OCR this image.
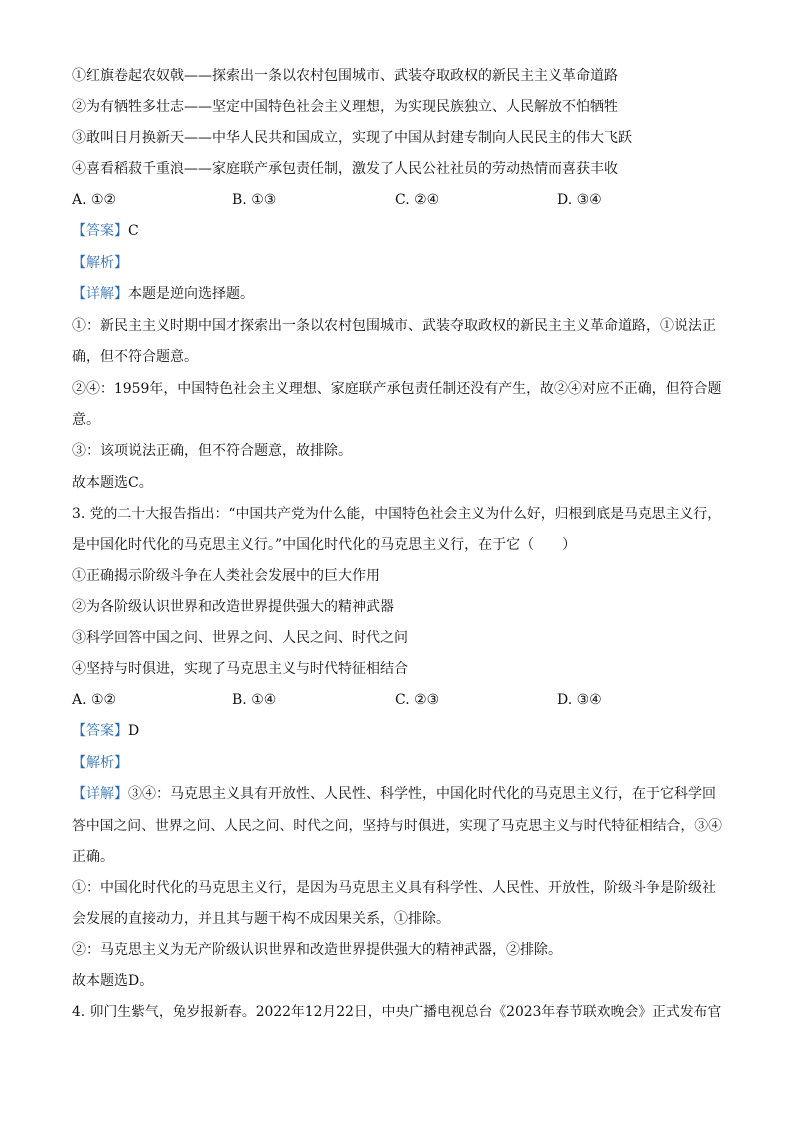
①红旗卷起农奴戟——探索出一条以农村包围城市、武装夺取政权的新民主主义革命道路
②为有牺牲多壮志——坚定中国特色社会主义理想，为实现民族独立、人民解放不怕牺牲
③敢叫日月换新天——中华人民共和国成立，实现了中国从封建专制向人民民主的伟大飞跃
④喜看稻菽千重浪——家庭联产承包责任制，激发了人民公社社员的劳动热情而喜获丰收
A. ①②	B. ①③	C. ②④	D. ③④
【答案】C
【解析】
【详解】本题是逆向选择题。
①：新民主主义时期中国才探索出一条以农村包围城市、武装夺取政权的新民主主义革命道路，①说法正
确，但不符合题意。
②④：1959年，中国特色社会主义理想、家庭联产承包责任制还没有产生，故②④对应不正确，但符合题
意。
③：该项说法正确，但不符合题意，故排除。
故本题选C。
3. 党的二十大报告指出：“中国共产党为什么能，中国特色社会主义为什么好，归根到底是马克思主义行，
是中国化时代化的马克思主义行。”中国化时代化的马克思主义行，在于它（　　）
①正确揭示阶级斗争在人类社会发展中的巨大作用
②为各阶级认识世界和改造世界提供强大的精神武器
③科学回答中国之问、世界之问、人民之问、时代之问
④坚持与时俱进，实现了马克思主义与时代特征相结合
A. ①②	B. ①④	C. ②③	D. ③④
【答案】D
【解析】
【详解】③④：马克思主义具有开放性、人民性、科学性，中国化时代化的马克思主义行，在于它科学回
答中国之问、世界之问、人民之问、时代之问，坚持与时俱进，实现了马克思主义与时代特征相结合，③④
正确。
①：中国化时代化的马克思主义行，是因为马克思主义具有科学性、人民性、开放性，阶级斗争是阶级社
会发展的直接动力，并且其与题干构不成因果关系，①排除。
②：马克思主义为无产阶级认识世界和改造世界提供强大的精神武器，②排除。
故本题选D。
4. 卯门生紫气，兔岁报新春。2022年12月22日，中央广播电视总台《2023年春节联欢晚会》正式发布官
